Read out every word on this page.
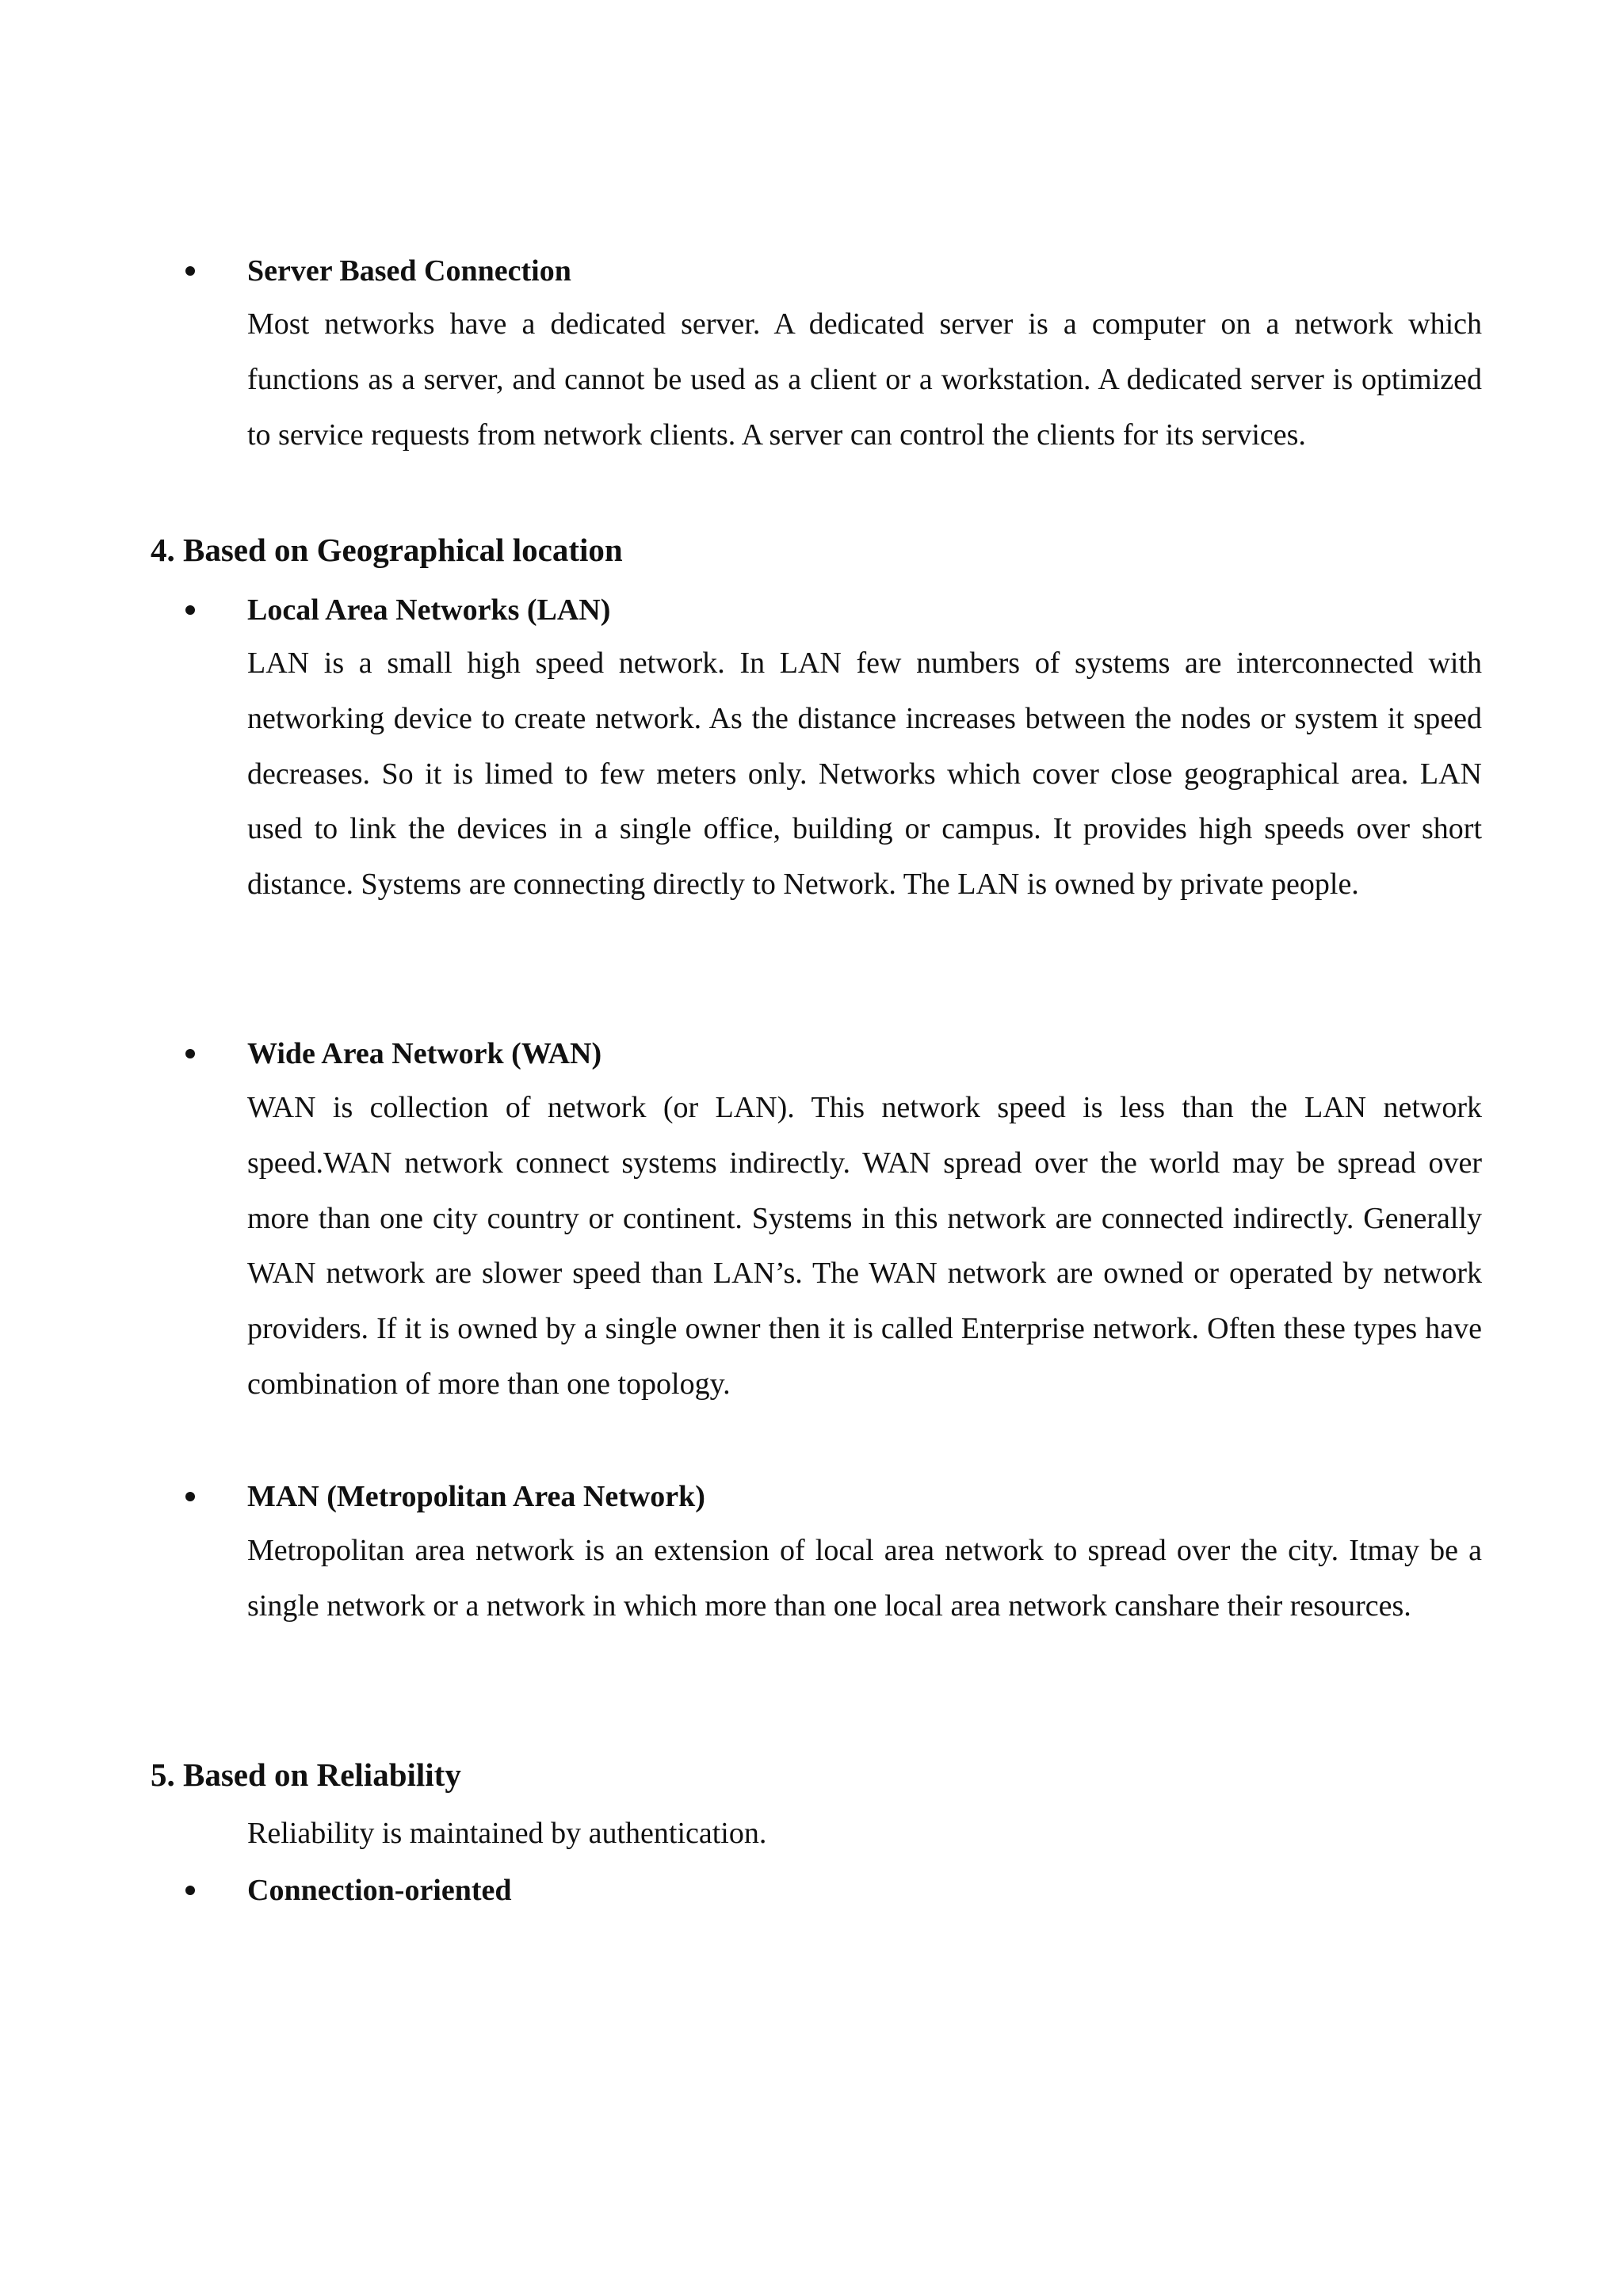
Server Based Connection
Most networks have a dedicated server. A dedicated server is a computer on a network which functions as a server, and cannot be used as a client or a workstation. A dedicated server is optimized to service requests from network clients. A server can control the clients for its services.
4. Based on Geographical location
Local Area Networks (LAN)
LAN is a small high speed network. In LAN few numbers of systems are interconnected with networking device to create network. As the distance increases between the nodes or system it speed decreases. So it is limed to few meters only. Networks which cover close geographical area. LAN used to link the devices in a single office, building or campus. It provides high speeds over short distance. Systems are connecting directly to Network. The LAN is owned by private people.
Wide Area Network (WAN)
WAN is collection of network (or LAN). This network speed is less than the LAN network speed.WAN network connect systems indirectly. WAN spread over the world may be spread over more than one city country or continent. Systems in this network are connected indirectly. Generally WAN network are slower speed than LAN’s. The WAN network are owned or operated by network providers. If it is owned by a single owner then it is called Enterprise network. Often these types have combination of more than one topology.
MAN (Metropolitan Area Network)
Metropolitan area network is an extension of local area network to spread over the city. Itmay be a single network or a network in which more than one local area network canshare their resources.
5. Based on Reliability
Reliability is maintained by authentication.
Connection-oriented
